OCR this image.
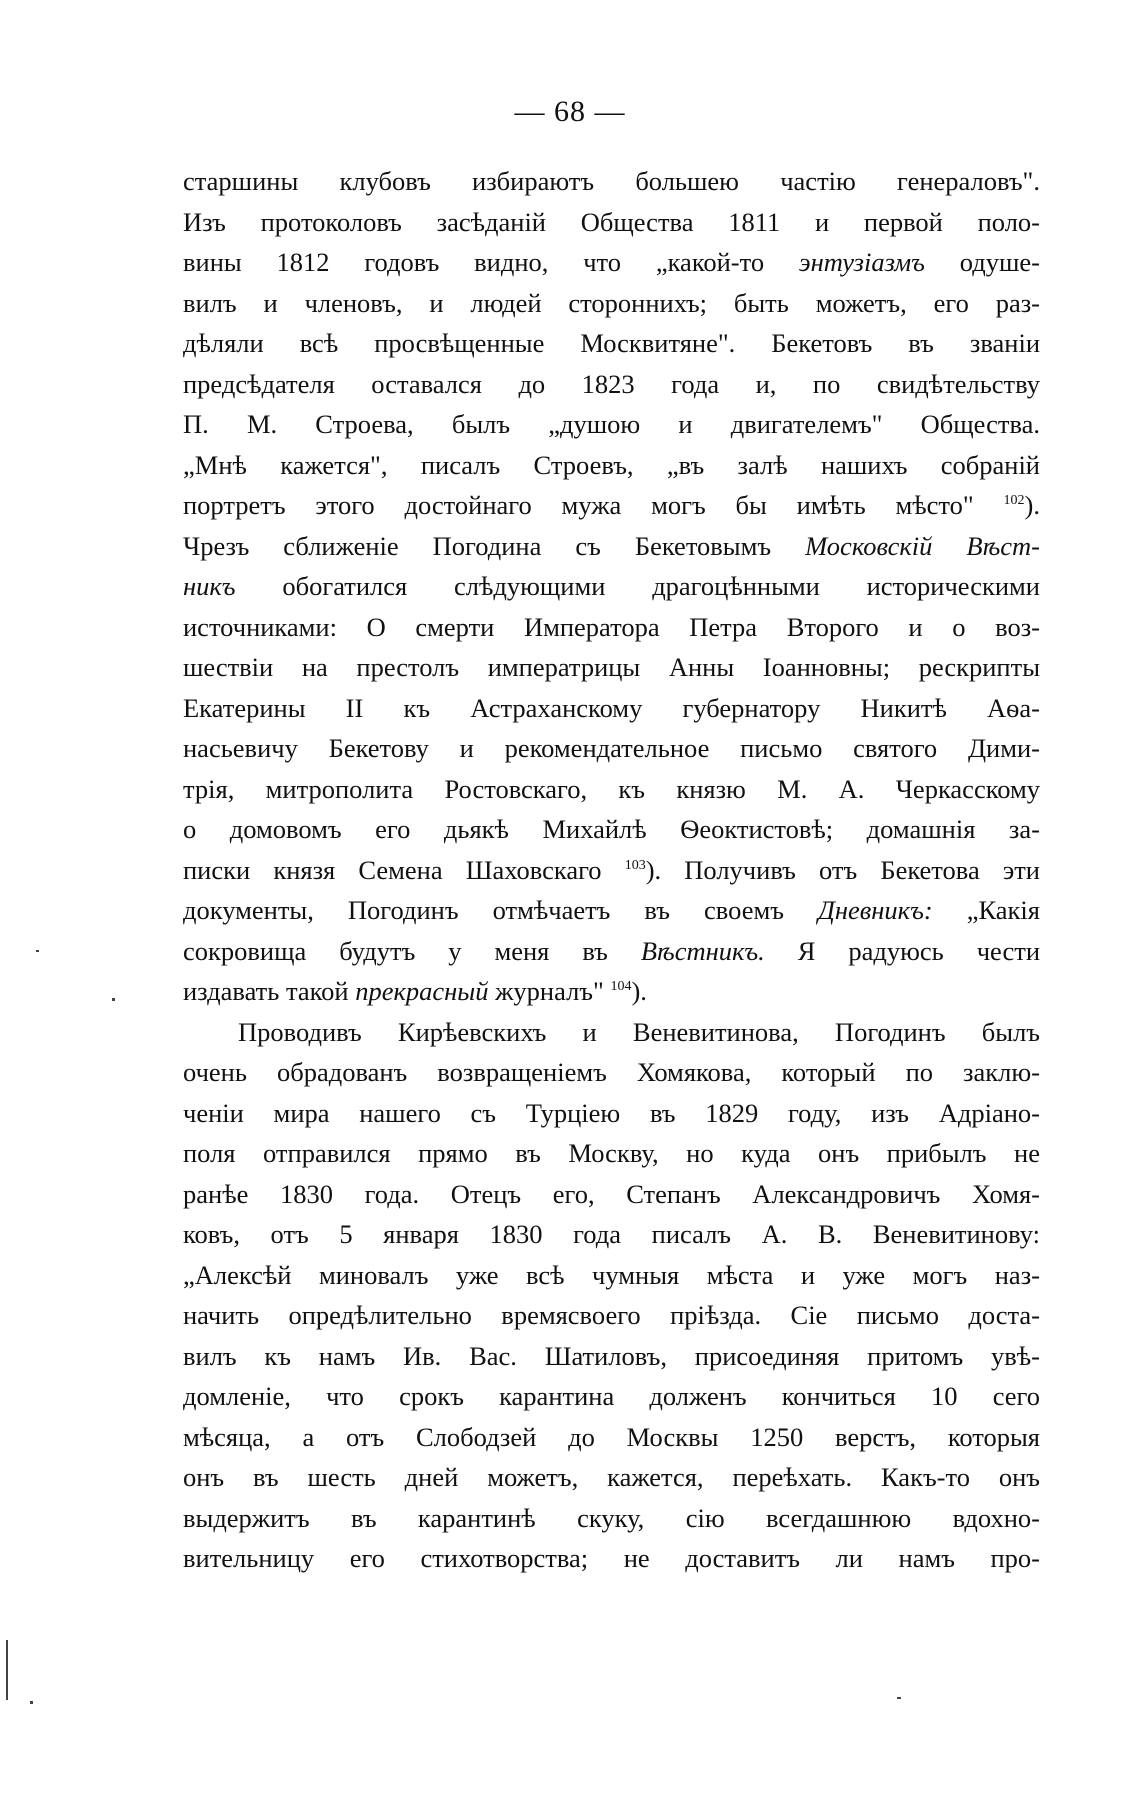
— 68 —
старшины клубовъ избираютъ большею частію генераловъ".
Изъ протоколовъ засѣданій Общества 1811 и первой поло-
вины 1812 годовъ видно, что „какой-то энтузіазмъ одуше-
вилъ и членовъ, и людей стороннихъ; быть можетъ, его раз-
дѣляли всѣ просвѣщенные Москвитяне". Бекетовъ въ званіи
предсѣдателя оставался до 1823 года и, по свидѣтельству
П. М. Строева, былъ „душою и двигателемъ" Общества.
„Мнѣ кажется", писалъ Строевъ, „въ залѣ нашихъ собраній
портретъ этого достойнаго мужа могъ бы имѣть мѣсто" $^{102}$).
Чрезъ сближеніе Погодина съ Бекетовымъ Московскій Вѣст-
никъ обогатился слѣдующими драгоцѣнными историческими
источниками: О смерти Императора Петра Второго и о воз-
шествіи на престолъ императрицы Анны Іоанновны; рескрипты
Екатерины II къ Астраханскому губернатору Никитѣ Аѳа-
насьевичу Бекетову и рекомендательное письмо святого Дими-
трія, митрополита Ростовскаго, къ князю М. А. Черкасскому
о домовомъ его дьякѣ Михайлѣ Ѳеоктистовѣ; домашнія за-
писки князя Семена Шаховскаго $^{103}$). Получивъ отъ Бекетова эти
документы, Погодинъ отмѣчаетъ въ своемъ Дневникъ: „Какія
сокровища будутъ у меня въ Вѣстникъ. Я радуюсь чести
издавать такой прекрасный журналъ" $^{104}$).
Проводивъ Кирѣевскихъ и Веневитинова, Погодинъ былъ
очень обрадованъ возвращеніемъ Хомякова, который по заклю-
ченіи мира нашего съ Турціею въ 1829 году, изъ Адріано-
поля отправился прямо въ Москву, но куда онъ прибылъ не
ранѣе 1830 года. Отецъ его, Степанъ Александровичъ Хомя-
ковъ, отъ 5 января 1830 года писалъ А. В. Веневитинову:
„Алексѣй миновалъ уже всѣ чумныя мѣста и уже могъ наз-
начить опредѣлительно времясвоего пріѣзда. Сіе письмо доста-
вилъ къ намъ Ив. Вас. Шатиловъ, присоединяя притомъ увѣ-
домленіе, что срокъ карантина долженъ кончиться 10 сего
мѣсяца, а отъ Слободзей до Москвы 1250 верстъ, которыя
онъ въ шесть дней можетъ, кажется, переѣхать. Какъ-то онъ
выдержитъ въ карантинѣ скуку, сію всегдашнюю вдохно-
вительницу его стихотворства; не доставитъ ли намъ про-
